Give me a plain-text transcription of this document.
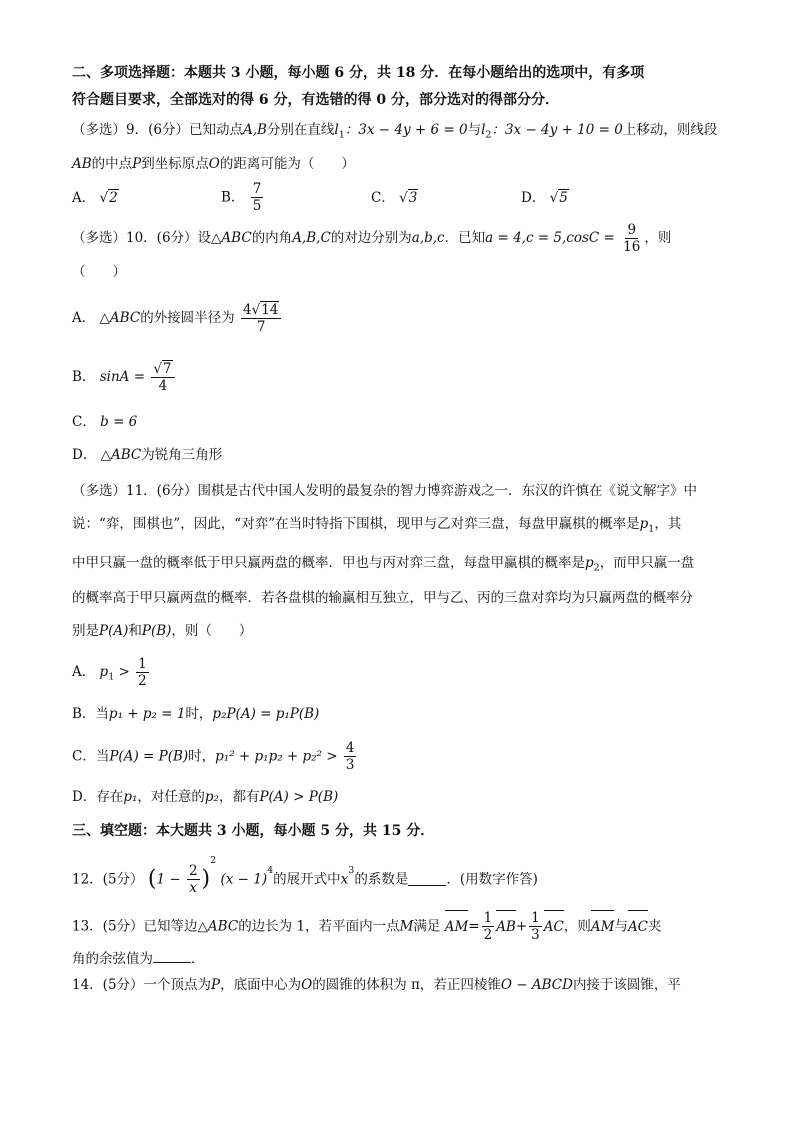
二、多项选择题：本题共 3 小题，每小题 6 分，共 18 分．在每小题给出的选项中，有多项
符合题目要求，全部选对的得 6 分，有选错的得 0 分，部分选对的得部分分．
（多选）9．(6分）已知动点A,B分别在直线$l_1$：3x − 4y + 6 = 0与$l_2$：3x − 4y + 10 = 0上移动，则线段
AB的中点P到坐标原点O的距离可能为（　　）
A． √2	B． $\frac{7}{5}$	C． √3	D． √5
（多选）10．(6分）设△ABC的内角A,B,C的对边分别为a,b,c．已知$a = 4,c = 5,\cos C = \frac{9}{16}$ ，则
（　　）
A． △ABC的外接圆半径为 $\frac{4√14}{7}$
B． $\sin A = \frac{√7}{4}$
C． b = 6
D． △ABC为锐角三角形
（多选）11．(6分）围棋是古代中国人发明的最复杂的智力博弈游戏之一．东汉的许慎在《说文解字》中
说：“弈，围棋也”，因此，“对弈”在当时特指下围棋，现甲与乙对弈三盘，每盘甲赢棋的概率是$p_1$，其
中甲只赢一盘的概率低于甲只赢两盘的概率．甲也与丙对弈三盘，每盘甲赢棋的概率是$p_2$，而甲只赢一盘
的概率高于甲只赢两盘的概率．若各盘棋的输赢相互独立，甲与乙、丙的三盘对弈均为只赢两盘的概率分
别是P(A)和P(B)，则（　　）
A． $p_1 > \frac{1}{2}$
B．当p₁ + p₂ = 1时，p₂P(A) = p₁P(B)
C．当P(A) = P(B)时，$p_1^2 + p_1p_2 + p_2^2 > \frac{4}{3}$
D．存在p₁，对任意的p₂，都有P(A) > P(B)
三、填空题：本大题共 3 小题，每小题 5 分，共 15 分．
12．(5分） $(1 - \frac{2}{x} )^2$ $(x - 1)^4$的展开式中$x^3$的系数是	．(用数字作答)
13．(5分）已知等边△ABC的边长为 1，若平面内一点M满足 $AM= \frac{1}{2} AB+ \frac{1}{3}$ AC，则
AM与
AC夹
角的余弦值为	．
14．(5分）一个顶点为P，底面中心为O的圆锥的体积为 π，若正四棱锥O − ABCD内接于该圆锥，平
